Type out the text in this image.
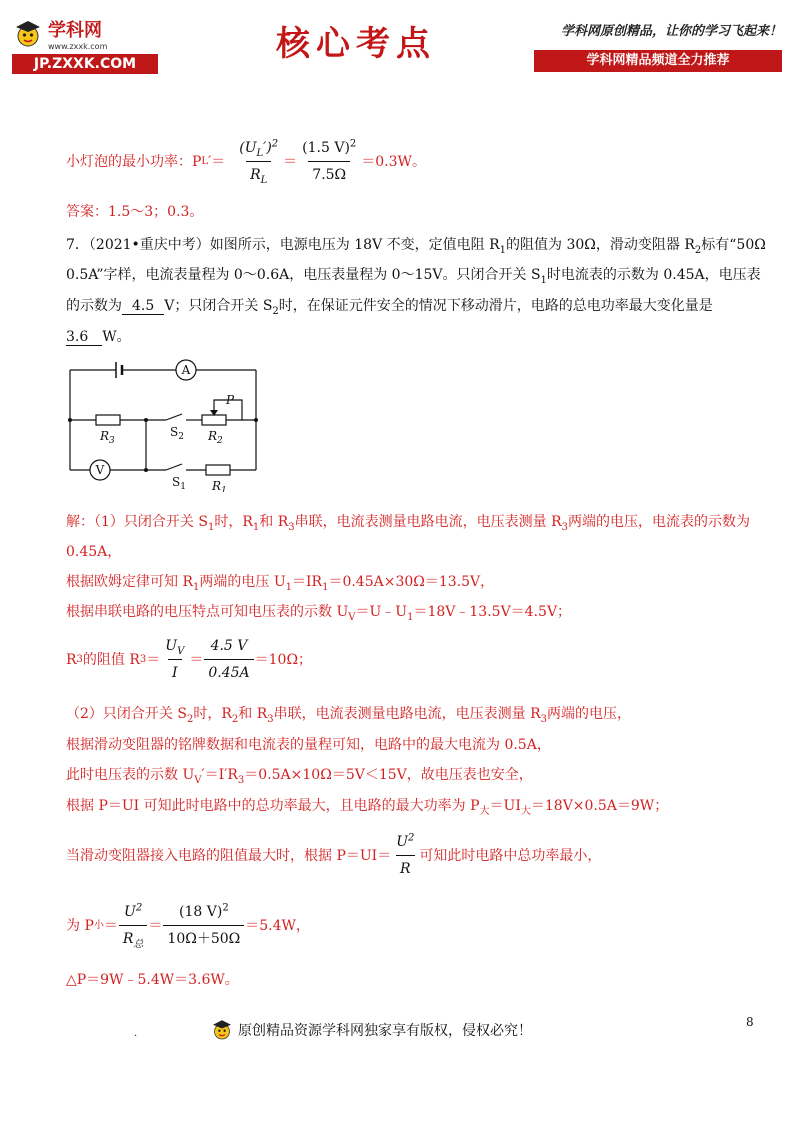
学科网
www.zxxk.com
JP.ZXXK.COM	核心考点	学科网原创精品，让你的学习飞起来！
学科网精品频道全力推荐
小灯泡的最小功率：P L ′＝ $\frac{(U_L')^2}{R_L} = \frac{(1.5 V)^2}{7.5\Omega} =0.3W$。
答案：1.5～3；0.3。
7．（2021•重庆中考）如图所示，电源电压为 18V 不变，定值电阻 $R_1$的阻值为 30Ω，滑动变阻器 $R_2$标有“50Ω
0.5A”字样，电流表量程为 0～0.6A，电压表量程为 0～15V。只闭合开关 $S_1$时电流表的示数为 0.45A，电压表
的示数为 4.5 V；只闭合开关 $S_2$时，在保证元件安全的情况下移动滑片，电路的总电功率最大变化量是
3.6 W。
A
V
$R_3$
$S_2$ $R_2$
P
$S_1$ $R_1$
解：（1）只闭合开关 $S_1$时，$R_1$和 $R_3$串联，电流表测量电路电流，电压表测量 $R_3$两端的电压，电流表的示数为
0.45A，
根据欧姆定律可知 $R_1$两端的电压 $U_1=IR_1=0.45A\times 30\Omega=13.5V$，
根据串联电路的电压特点可知电压表的示数 $U_V=U﹣U_1=18V﹣13.5V=4.5V$；
R 3 的阻值 R $3 = \frac{U_V}{I} = \frac{4.5 V}{0.45A} =10\Omega$；
（2）只闭合开关 $S_2$时，$R_2$和 $R_3$串联，电流表测量电路电流，电压表测量 $R_3$两端的电压，
根据滑动变阻器的铭牌数据和电流表的量程可知，电路中的最大电流为 0.5A，
此时电压表的示数 $U_V'=I'R_3=0.5A\times 10\Omega=5V<15V$，故电压表也安全，
根据 P＝UI 可知此时电路中的总功率最大，且电路的最大功率为 $P_大=UI_大=18V\times 0.5A=9W$；
当滑动变阻器接入电路的阻值最大时，根据 $P=UI= \frac{U^2}{R}$ 可知此时电路中总功率最小，
为 P 小 ＝ $\frac{U^2}{R_总} = \frac{(18 V)^2}{10\Omega+50\Omega} =5.4W$，
△P＝9W﹣5.4W＝3.6W。
.	原创精品资源学科网独家享有版权，侵权必究！
8
